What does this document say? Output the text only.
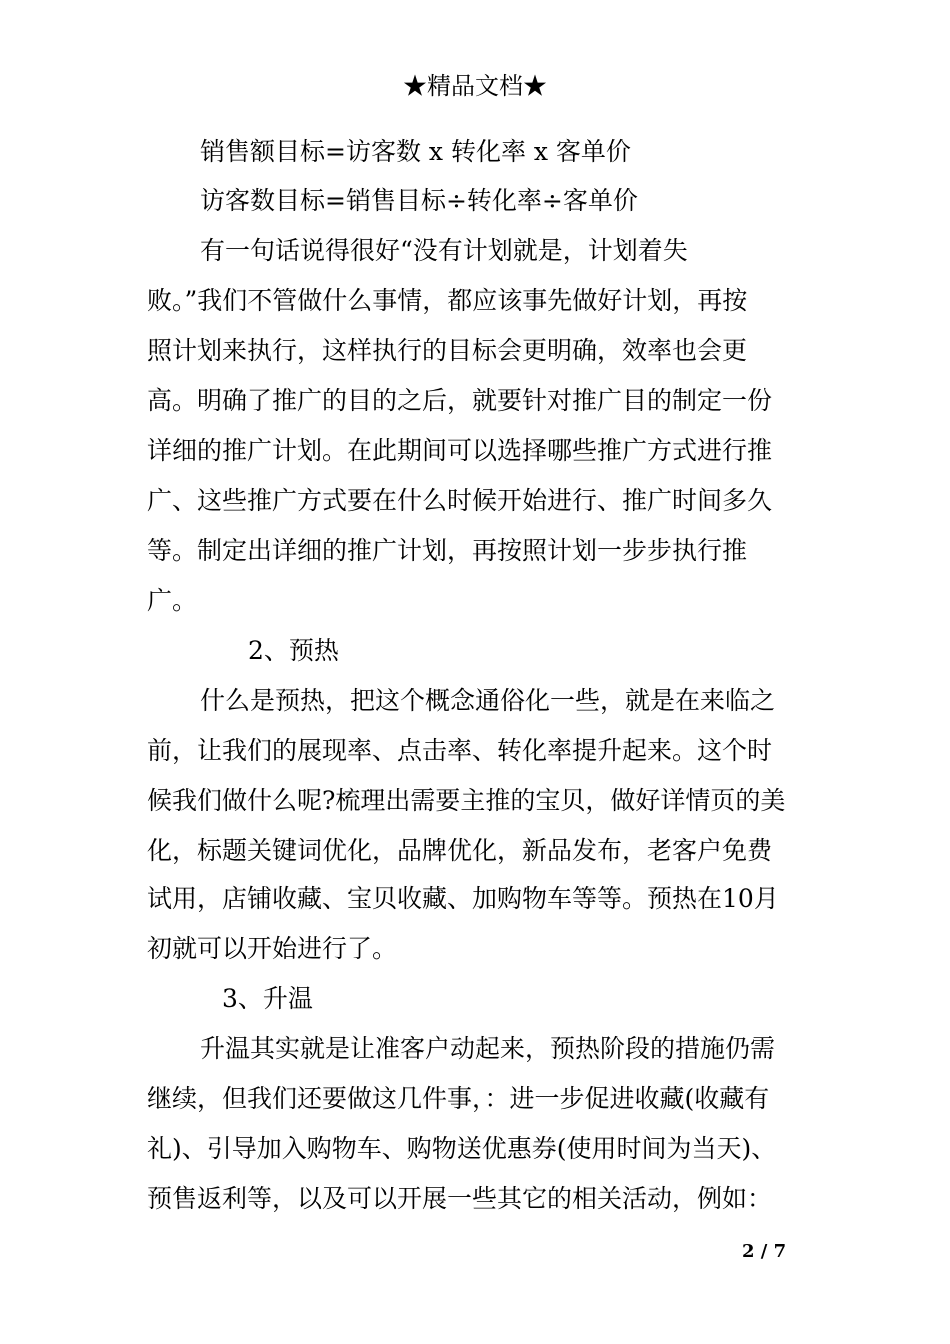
★精品文档★
销售额目标=访客数 x 转化率 x 客单价
访客数目标=销售目标÷转化率÷客单价
有一句话说得很好“没有计划就是，计划着失
败。”我们不管做什么事情，都应该事先做好计划，再按
照计划来执行，这样执行的目标会更明确，效率也会更
高。明确了推广的目的之后，就要针对推广目的制定一份
详细的推广计划。在此期间可以选择哪些推广方式进行推
广、这些推广方式要在什么时候开始进行、推广时间多久
等。制定出详细的推广计划，再按照计划一步步执行推
广。
2、预热
什么是预热，把这个概念通俗化一些，就是在来临之
前，让我们的展现率、点击率、转化率提升起来。这个时
候我们做什么呢?梳理出需要主推的宝贝，做好详情页的美
化，标题关键词优化，品牌优化，新品发布，老客户免费
试用，店铺收藏、宝贝收藏、加购物车等等。预热在10月
初就可以开始进行了。
3、升温
升温其实就是让准客户动起来，预热阶段的措施仍需
继续，但我们还要做这几件事，：进一步促进收藏(收藏有
礼)、引导加入购物车、购物送优惠券(使用时间为当天)、
预售返利等，以及可以开展一些其它的相关活动，例如：
2 / 7
